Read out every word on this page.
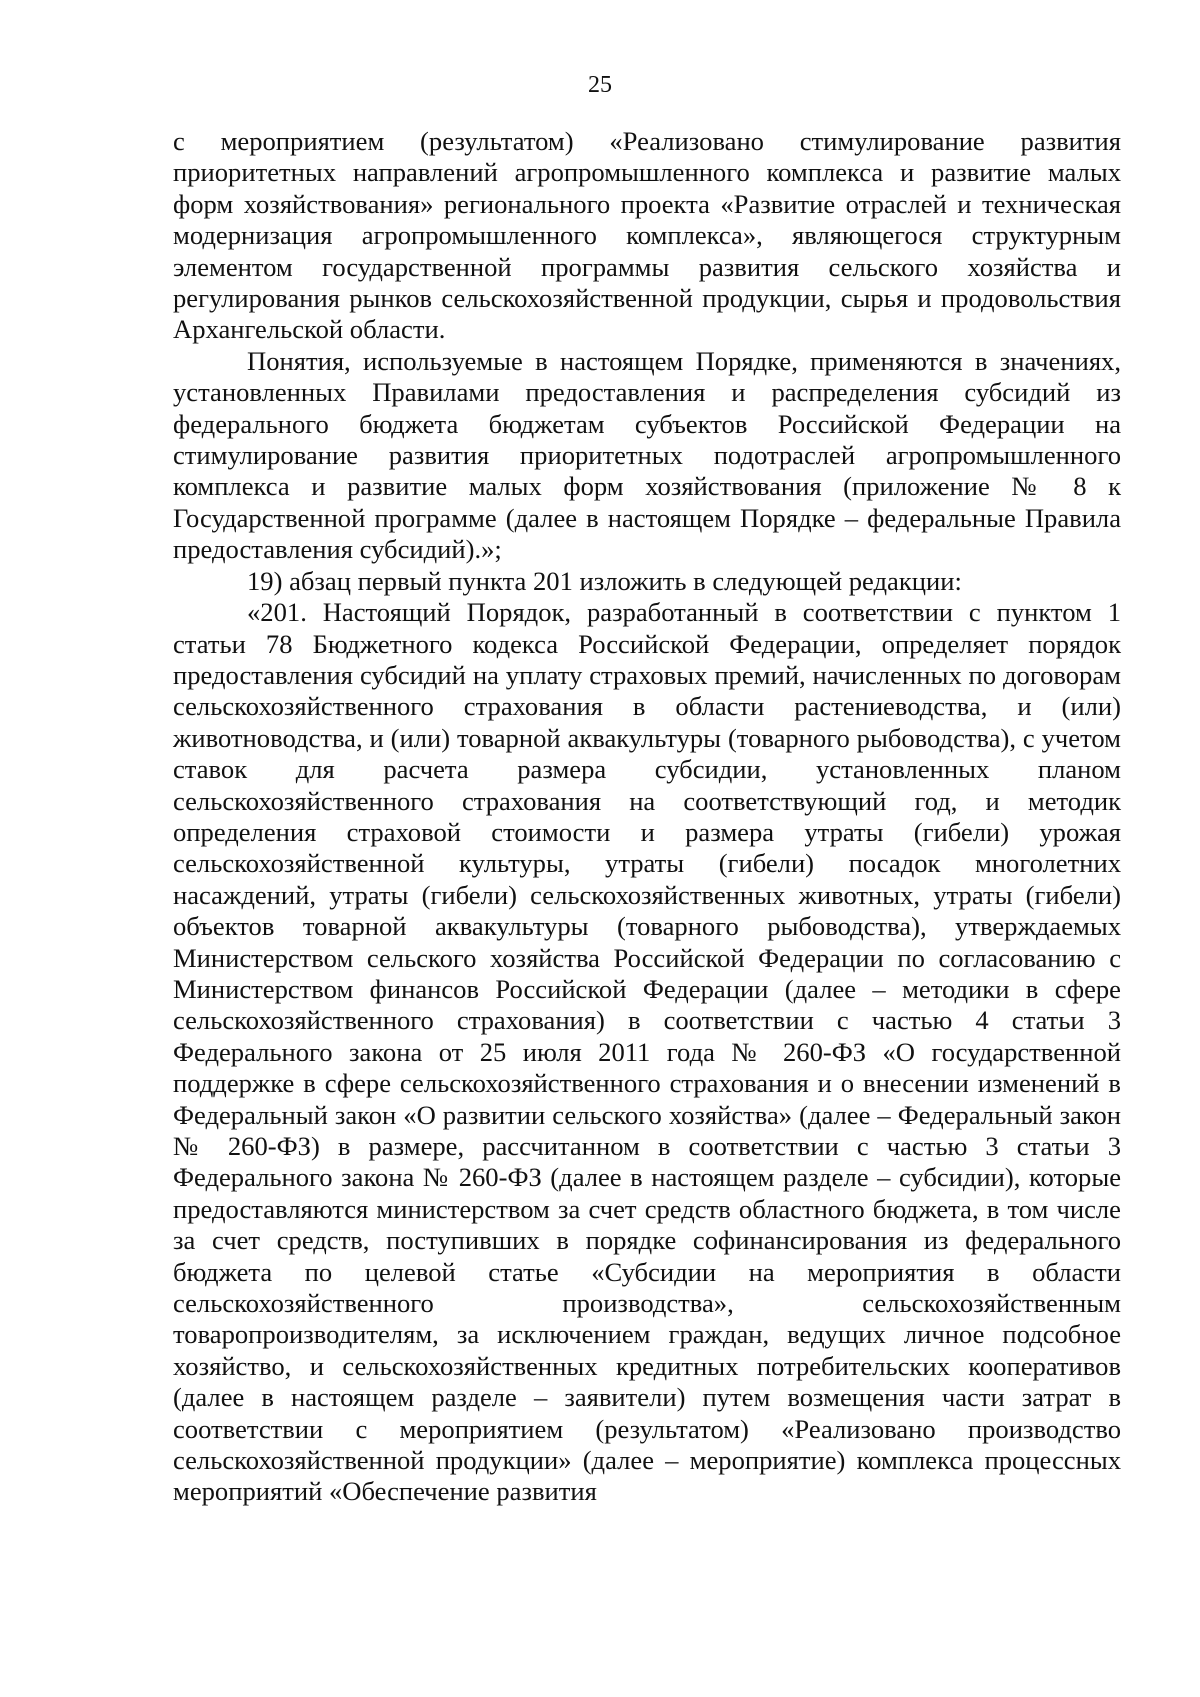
25

с мероприятием (результатом) «Реализовано стимулирование развития приоритетных направлений агропромышленного комплекса и развитие малых форм хозяйствования» регионального проекта «Развитие отраслей и техническая модернизация агропромышленного комплекса», являющегося структурным элементом государственной программы развития сельского хозяйства и регулирования рынков сельскохозяйственной продукции, сырья и продовольствия Архангельской области.

Понятия, используемые в настоящем Порядке, применяются в значениях, установленных Правилами предоставления и распределения субсидий из федерального бюджета бюджетам субъектов Российской Федерации на стимулирование развития приоритетных подотраслей агропромышленного комплекса и развитие малых форм хозяйствования (приложение № 8 к Государственной программе (далее в настоящем Порядке – федеральные Правила предоставления субсидий).»;

19) абзац первый пункта 201 изложить в следующей редакции:

«201. Настоящий Порядок, разработанный в соответствии с пунктом 1 статьи 78 Бюджетного кодекса Российской Федерации, определяет порядок предоставления субсидий на уплату страховых премий, начисленных по договорам сельскохозяйственного страхования в области растениеводства, и (или) животноводства, и (или) товарной аквакультуры (товарного рыбоводства), с учетом ставок для расчета размера субсидии, установленных планом сельскохозяйственного страхования на соответствующий год, и методик определения страховой стоимости и размера утраты (гибели) урожая сельскохозяйственной культуры, утраты (гибели) посадок многолетних насаждений, утраты (гибели) сельскохозяйственных животных, утраты (гибели) объектов товарной аквакультуры (товарного рыбоводства), утверждаемых Министерством сельского хозяйства Российской Федерации по согласованию с Министерством финансов Российской Федерации (далее – методики в сфере сельскохозяйственного страхования) в соответствии с частью 4 статьи 3 Федерального закона от 25 июля 2011 года № 260-ФЗ «О государственной поддержке в сфере сельскохозяйственного страхования и о внесении изменений в Федеральный закон «О развитии сельского хозяйства» (далее – Федеральный закон № 260-ФЗ) в размере, рассчитанном в соответствии с частью 3 статьи 3 Федерального закона № 260-ФЗ (далее в настоящем разделе – субсидии), которые предоставляются министерством за счет средств областного бюджета, в том числе за счет средств, поступивших в порядке софинансирования из федерального бюджета по целевой статье «Субсидии на мероприятия в области сельскохозяйственного производства», сельскохозяйственным товаропроизводителям, за исключением граждан, ведущих личное подсобное хозяйство, и сельскохозяйственных кредитных потребительских кооперативов (далее в настоящем разделе – заявители) путем возмещения части затрат в соответствии с мероприятием (результатом) «Реализовано производство сельскохозяйственной продукции» (далее – мероприятие) комплекса процессных мероприятий «Обеспечение развития
